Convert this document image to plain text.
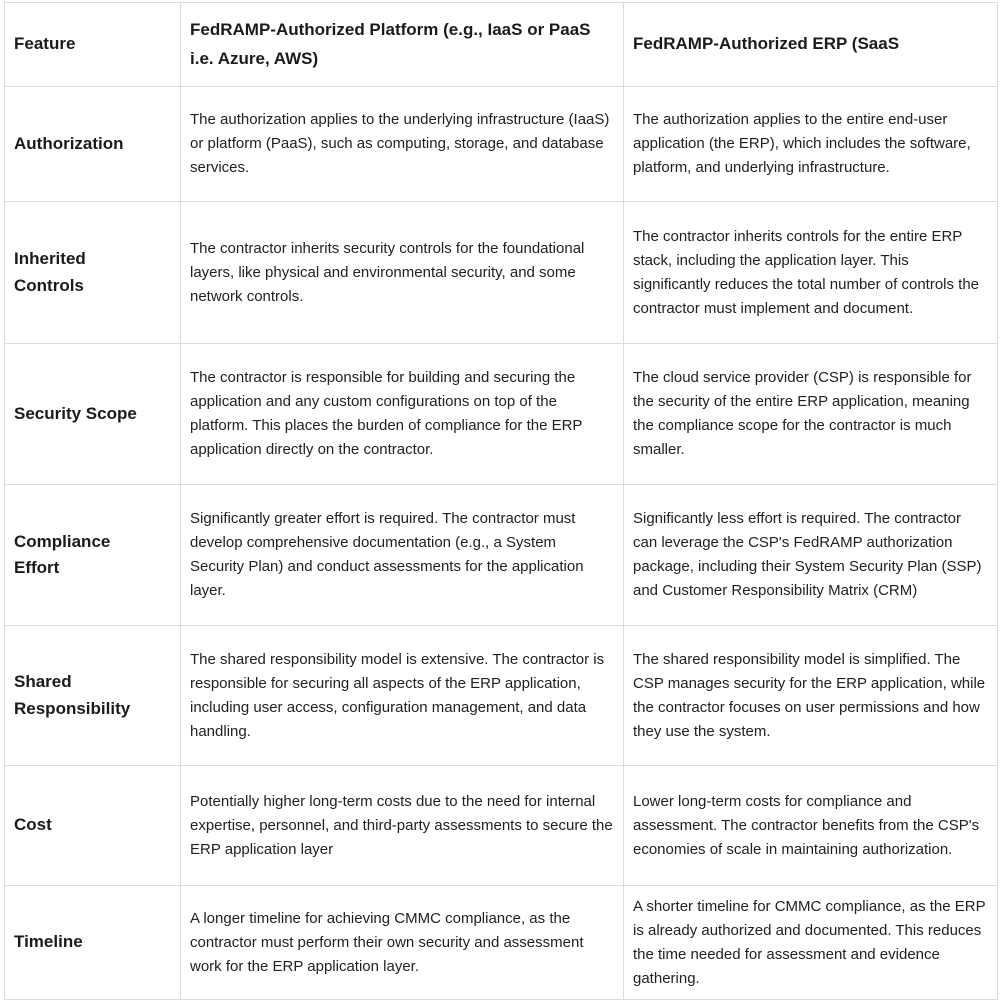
Feature	FedRAMP-Authorized Platform (e.g., IaaS or PaaS i.e. Azure, AWS)	FedRAMP-Authorized ERP (SaaS
Authorization	The authorization applies to the underlying infrastructure (IaaS) or platform (PaaS), such as computing, storage, and database services.	The authorization applies to the entire end-user application (the ERP), which includes the software, platform, and underlying infrastructure.
Inherited Controls	The contractor inherits security controls for the foundational layers, like physical and environmental security, and some network controls.	The contractor inherits controls for the entire ERP stack, including the application layer. This significantly reduces the total number of controls the contractor must implement and document.
Security Scope	The contractor is responsible for building and securing the application and any custom configurations on top of the platform. This places the burden of compliance for the ERP application directly on the contractor.	The cloud service provider (CSP) is responsible for the security of the entire ERP application, meaning the compliance scope for the contractor is much smaller.
Compliance Effort	Significantly greater effort is required. The contractor must develop comprehensive documentation (e.g., a System Security Plan) and conduct assessments for the application layer.	Significantly less effort is required. The contractor can leverage the CSP's FedRAMP authorization package, including their System Security Plan (SSP) and Customer Responsibility Matrix (CRM)
Shared Responsibility	The shared responsibility model is extensive. The contractor is responsible for securing all aspects of the ERP application, including user access, configuration management, and data handling.	The shared responsibility model is simplified. The CSP manages security for the ERP application, while the contractor focuses on user permissions and how they use the system.
Cost	Potentially higher long-term costs due to the need for internal expertise, personnel, and third-party assessments to secure the ERP application layer	Lower long-term costs for compliance and assessment. The contractor benefits from the CSP's economies of scale in maintaining authorization.
Timeline	A longer timeline for achieving CMMC compliance, as the contractor must perform their own security and assessment work for the ERP application layer.	A shorter timeline for CMMC compliance, as the ERP is already authorized and documented. This reduces the time needed for assessment and evidence gathering.
